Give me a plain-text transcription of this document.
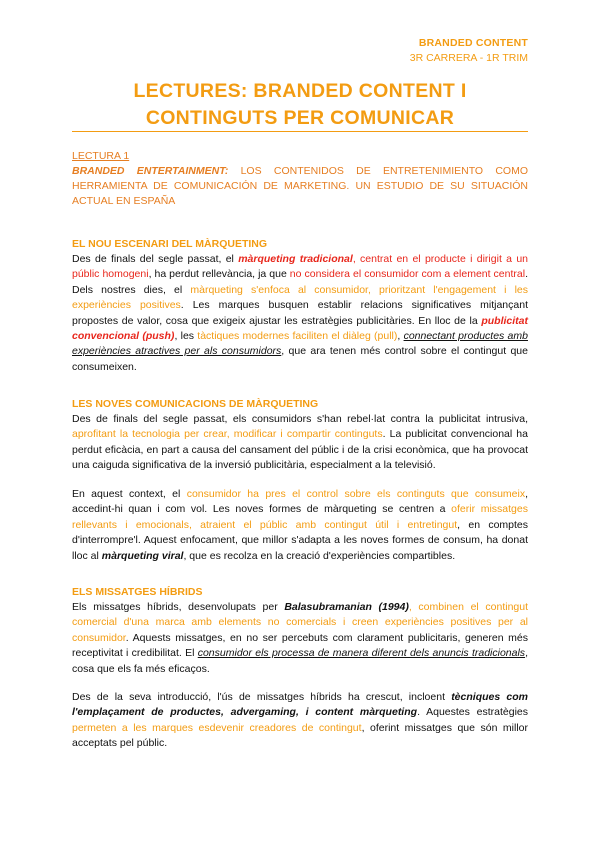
BRANDED CONTENT
3R CARRERA - 1R TRIM
LECTURES: BRANDED CONTENT I
CONTINGUTS PER COMUNICAR
LECTURA 1
BRANDED ENTERTAINMENT: LOS CONTENIDOS DE ENTRETENIMIENTO COMO HERRAMIENTA DE COMUNICACIÓN DE MARKETING. UN ESTUDIO DE SU SITUACIÓN ACTUAL EN ESPAÑA
EL NOU ESCENARI DEL MÀRQUETING

Des de finals del segle passat, el màrqueting tradicional, centrat en el producte i dirigit a un públic homogeni, ha perdut rellevància, ja que no considera el consumidor com a element central. Dels nostres dies, el màrqueting s'enfoca al consumidor, prioritzant l'engagement i les experiències positives. Les marques busquen establir relacions significatives mitjançant propostes de valor, cosa que exigeix ajustar les estratègies publicitàries. En lloc de la publicitat convencional (push), les tàctiques modernes faciliten el diàleg (pull), connectant productes amb experiències atractives per als consumidors, que ara tenen més control sobre el contingut que consumeixen.

LES NOVES COMUNICACIONS DE MÀRQUETING

Des de finals del segle passat, els consumidors s'han rebel·lat contra la publicitat intrusiva, aprofitant la tecnologia per crear, modificar i compartir continguts. La publicitat convencional ha perdut eficàcia, en part a causa del cansament del públic i de la crisi econòmica, que ha provocat una caiguda significativa de la inversió publicitària, especialment a la televisió.

En aquest context, el consumidor ha pres el control sobre els continguts que consumeix, accedint-hi quan i com vol. Les noves formes de màrqueting se centren a oferir missatges rellevants i emocionals, atraient el públic amb contingut útil i entretingut, en comptes d'interrompre'l. Aquest enfocament, que millor s'adapta a les noves formes de consum, ha donat lloc al màrqueting viral, que es recolza en la creació d'experiències compartibles.

ELS MISSATGES HÍBRIDS

Els missatges híbrids, desenvolupats per Balasubramanian (1994), combinen el contingut comercial d'una marca amb elements no comercials i creen experiències positives per al consumidor. Aquests missatges, en no ser percebuts com clarament publicitaris, generen més receptivitat i credibilitat. El consumidor els processa de manera diferent dels anuncis tradicionals, cosa que els fa més eficaços.

Des de la seva introducció, l'ús de missatges híbrids ha crescut, incloent tècniques com l'emplaçament de productes, advergaming, i content màrqueting. Aquestes estratègies permeten a les marques esdevenir creadores de contingut, oferint missatges que són millor acceptats pel públic.
